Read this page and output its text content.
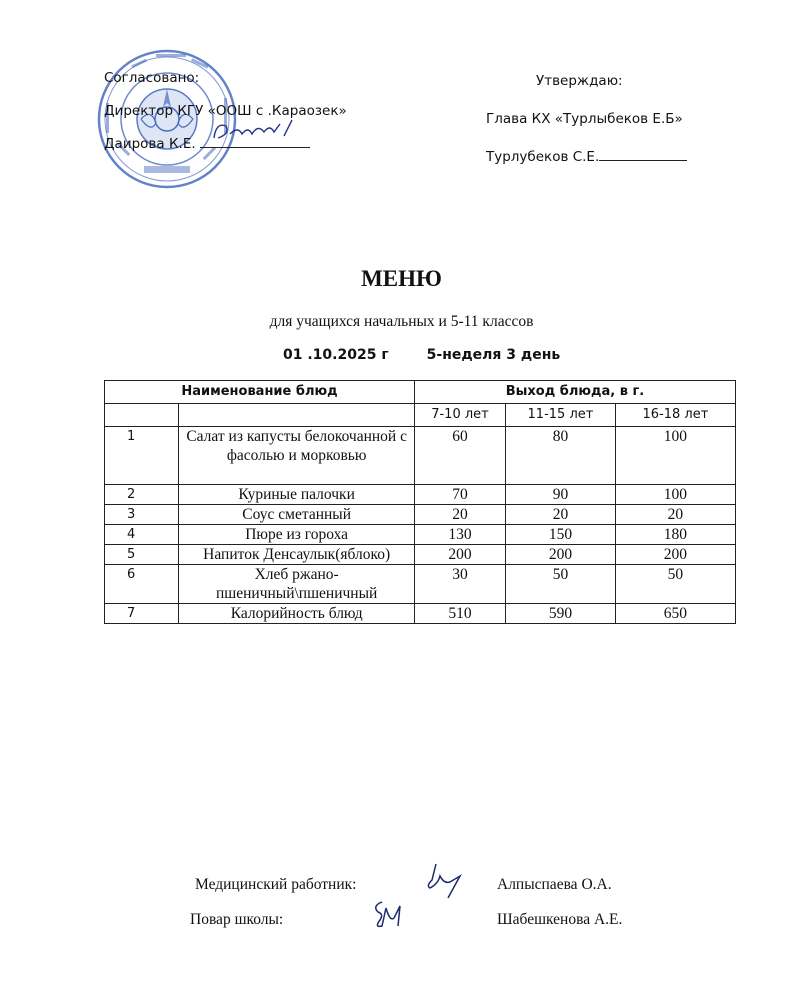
Согласовано:
Директор КГУ «ООШ с .Караозек»
Даирова К.Е.
Утверждаю:
Глава КХ «Турлыбеков Е.Б»
Турлубеков С.Е.
МЕНЮ
для учащихся начальных и 5-11 классов
01 .10.2025 г	5-неделя 3 день
Наименование блюд		Выход блюда, в г.		
		7-10 лет	11-15 лет	16-18 лет
1	Салат из капусты белокочанной с фасолью и морковью	60	80	100
2	Куриные палочки	70	90	100
3	Соус сметанный	20	20	20
4	Пюре из гороха	130	150	180
5	Напиток Денсаулык(яблоко)	200	200	200
6	Хлеб ржано-пшеничный\пшеничный	30	50	50
7	Калорийность блюд	510	590	650
Медицинский работник:	Алпыспаева О.А.
Повар школы:	Шабешкенова А.Е.
